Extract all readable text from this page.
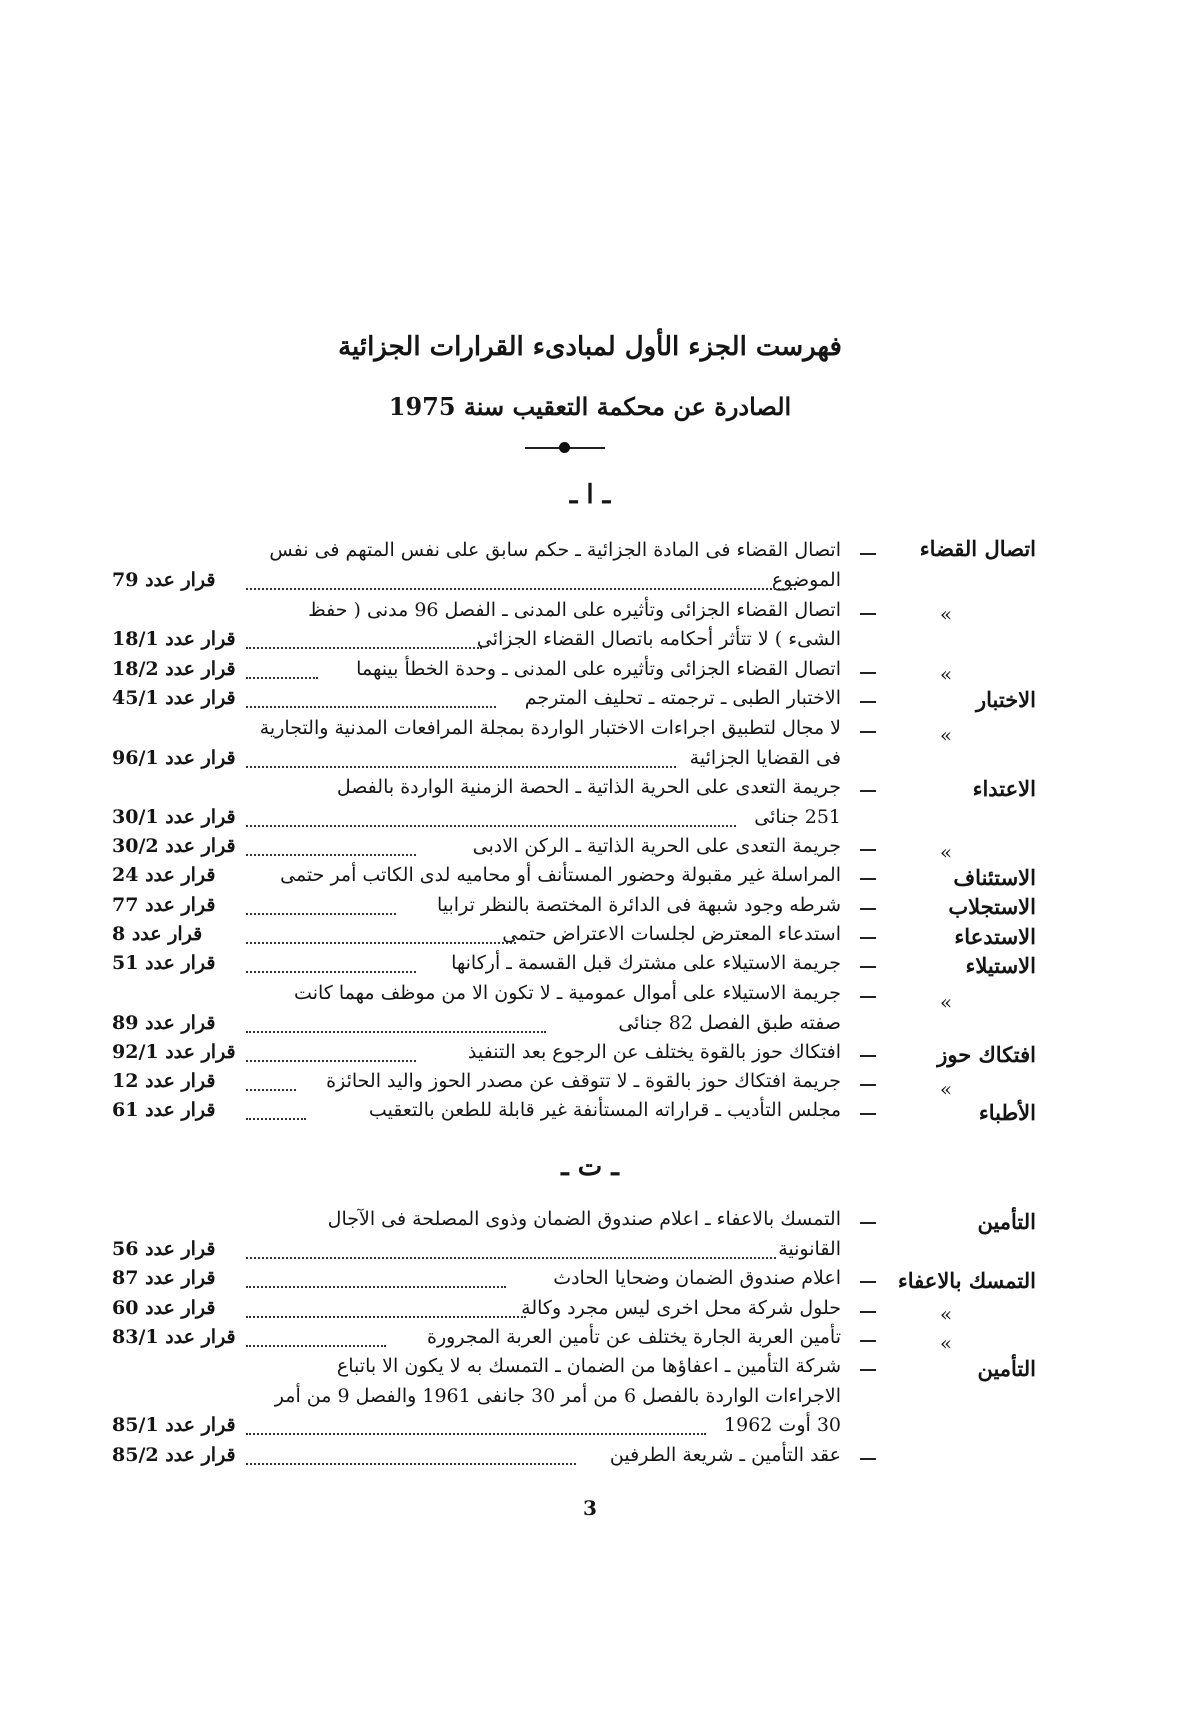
فهرست الجزء الأول لمبادىء القرارات الجزائية
الصادرة عن محكمة التعقيب سنة 1975
ـ ا ـ
اتصال القضاء
اتصال القضاء فى المادة الجزائية ـ حكم سابق على نفس المتهم فى نفس
الموضوع
قرار عدد 79
»
اتصال القضاء الجزائى وتأثيره على المدنى ـ الفصل 96 مدنى ( حفظ
الشىء ) لا تتأثر أحكامه باتصال القضاء الجزائى
قرار عدد 18/1
»
اتصال القضاء الجزائى وتأثيره على المدنى ـ وحدة الخطأ بينهما
قرار عدد 18/2
الاختبار
الاختبار الطبى ـ ترجمته ـ تحليف المترجم
قرار عدد 45/1
»
لا مجال لتطبيق اجراءات الاختبار الواردة بمجلة المرافعات المدنية والتجارية
فى القضايا الجزائية
قرار عدد 96/1
الاعتداء
جريمة التعدى على الحرية الذاتية ـ الحصة الزمنية الواردة بالفصل
251 جنائى
قرار عدد 30/1
»
جريمة التعدى على الحرية الذاتية ـ الركن الادبى
قرار عدد 30/2
الاستئناف
المراسلة غير مقبولة وحضور المستأنف أو محاميه لدى الكاتب أمر حتمى
قرار عدد 24
الاستجلاب
شرطه وجود شبهة فى الدائرة المختصة بالنظر ترابيا
قرار عدد 77
الاستدعاء
استدعاء المعترض لجلسات الاعتراض حتمى
قرار عدد 8
الاستيلاء
جريمة الاستيلاء على مشترك قبل القسمة ـ أركانها
قرار عدد 51
»
جريمة الاستيلاء على أموال عمومية ـ لا تكون الا من موظف مهما كانت
صفته طبق الفصل 82 جنائى
قرار عدد 89
افتكاك حوز
افتكاك حوز بالقوة يختلف عن الرجوع بعد التنفيذ
قرار عدد 92/1
»
جريمة افتكاك حوز بالقوة ـ لا تتوقف عن مصدر الحوز واليد الحائزة
قرار عدد 12
الأطباء
مجلس التأديب ـ قراراته المستأنفة غير قابلة للطعن بالتعقيب
قرار عدد 61
ـ ت ـ
التأمين
التمسك بالاعفاء ـ اعلام صندوق الضمان وذوى المصلحة فى الآجال
القانونية
قرار عدد 56
التمسك بالاعفاء
اعلام صندوق الضمان وضحايا الحادث
قرار عدد 87
»
حلول شركة محل اخرى ليس مجرد وكالة
قرار عدد 60
»
تأمين العربة الجارة يختلف عن تأمين العربة المجرورة
قرار عدد 83/1
التأمين
شركة التأمين ـ اعفاؤها من الضمان ـ التمسك به لا يكون الا باتباع
الاجراءات الواردة بالفصل 6 من أمر 30 جانفى 1961 والفصل 9 من أمر
30 أوت 1962
قرار عدد 85/1
عقد التأمين ـ شريعة الطرفين
قرار عدد 85/2
3
